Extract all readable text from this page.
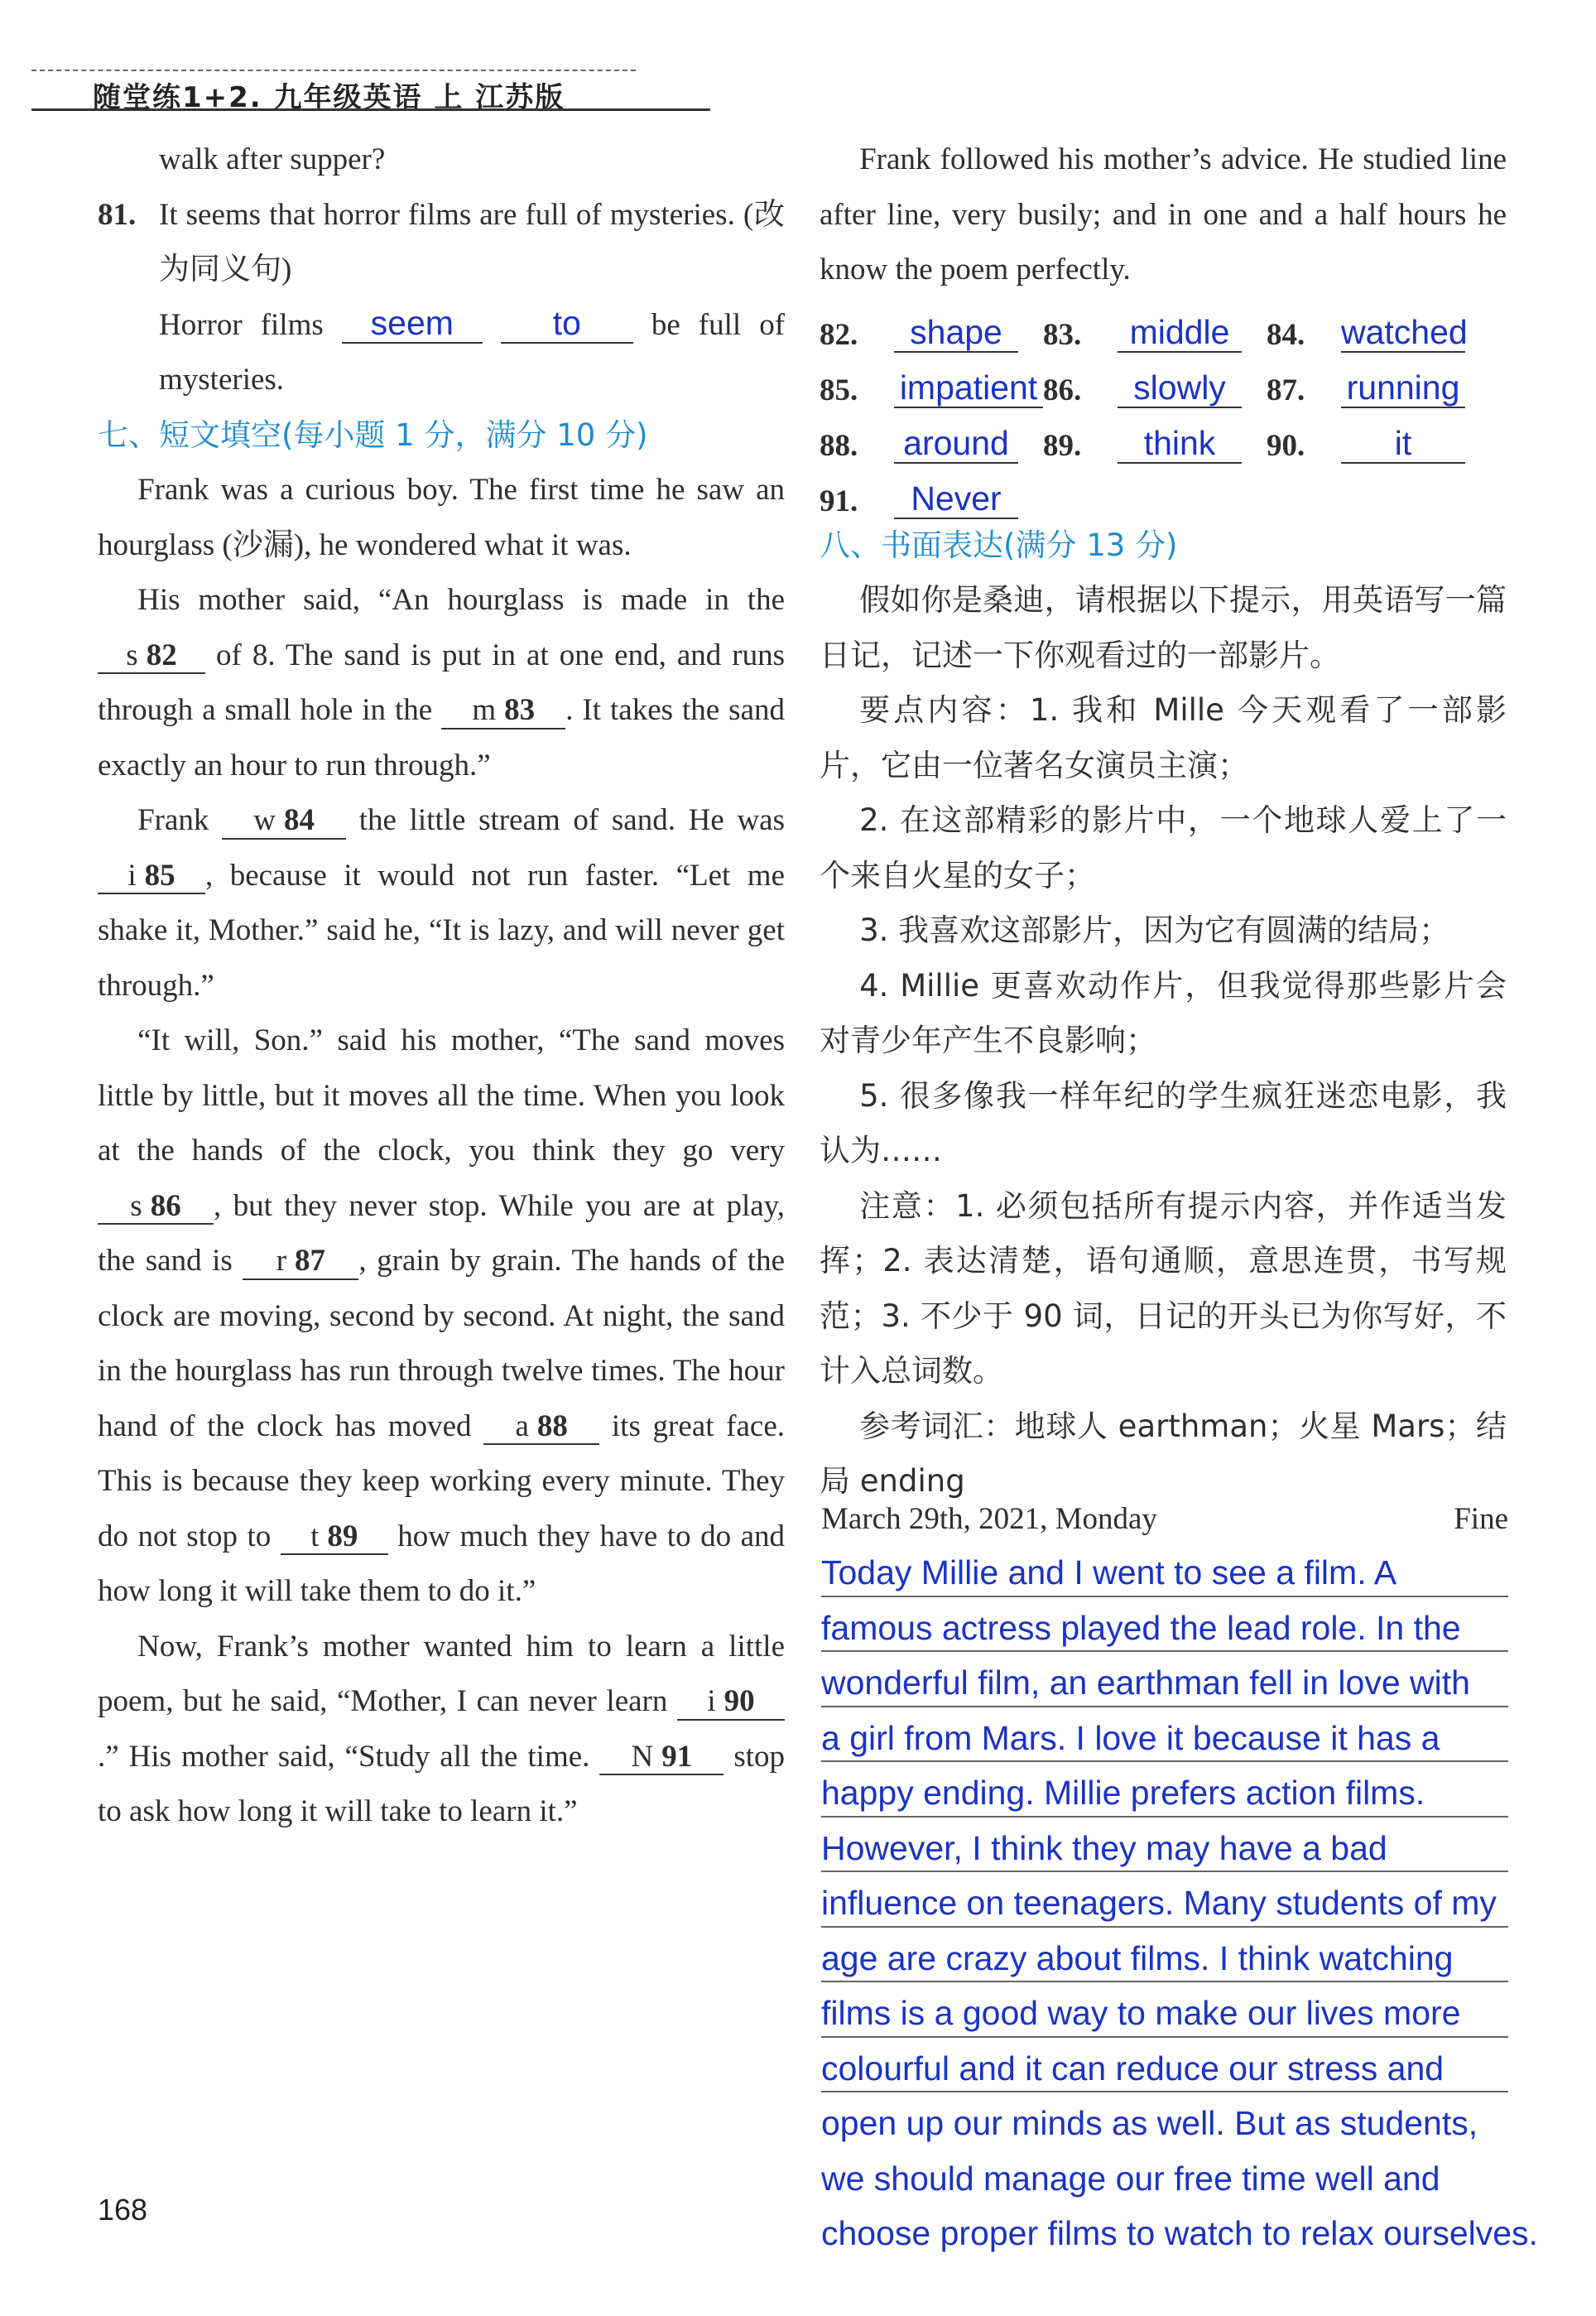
随堂练1+2. 九年级英语 上 江苏版

walk after supper?

81. It seems that horror films are full of mysteries. (改为同义句)
Horror films seem	to be full of mysteries.

七、短文填空(每小题 1 分，满分 10 分)

Frank was a curious boy. The first time he saw an hourglass (沙漏), he wondered what it was.

His mother said, “An hourglass is made in the s 82 of 8. The sand is put in at one end, and runs through a small hole in the m 83 . It takes the sand exactly an hour to run through.”

Frank w 84 the little stream of sand. He was i 85 , because it would not run faster. “Let me shake it, Mother.” said he, “It is lazy, and will never get through.”

“It will, Son.” said his mother, “The sand moves little by little, but it moves all the time. When you look at the hands of the clock, you think they go very s 86 , but they never stop. While you are at play, the sand is r 87 , grain by grain. The hands of the clock are moving, second by second. At night, the sand in the hourglass has run through twelve times. The hour hand of the clock has moved a 88 its great face. This is because they keep working every minute. They do not stop to t 89 how much they have to do and how long it will take them to do it.”

Now, Frank’s mother wanted him to learn a little poem, but he said, “Mother, I can never learn i 90.” His mother said, “Study all the time. N 91 stop to ask how long it will take to learn it.”

Frank followed his mother’s advice. He studied line after line, very busily; and in one and a half hours he know the poem perfectly.

82.	shape	83.	middle	84. watched
85. impatient 86.	slowly	87. running
88. around	89.	think	90.	it
91.	Never

八、书面表达(满分 13 分)

假如你是桑迪，请根据以下提示，用英语写一篇日记，记述一下你观看过的一部影片。

要点内容：1. 我和 Mille 今天观看了一部影片，它由一位著名女演员主演；

2. 在这部精彩的影片中，一个地球人爱上了一个来自火星的女子；

3. 我喜欢这部影片，因为它有圆满的结局；

4. Millie 更喜欢动作片，但我觉得那些影片会对青少年产生不良影响；

5. 很多像我一样年纪的学生疯狂迷恋电影，我认为……

注意：1. 必须包括所有提示内容，并作适当发挥；2. 表达清楚，语句通顺，意思连贯，书写规范；3. 不少于 90 词，日记的开头已为你写好，不计入总词数。

参考词汇：地球人 earthman；火星 Mars；结局 ending

March 29th, 2021, Monday	Fine

Today Millie and I went to see a film. A
famous actress played the lead role. In the
wonderful film, an earthman fell in love with
a girl from Mars. I love it because it has a
happy ending. Millie prefers action films.
However, I think they may have a bad
influence on teenagers. Many students of my
age are crazy about films. I think watching
films is a good way to make our lives more
colourful and it can reduce our stress and
open up our minds as well. But as students,
we should manage our free time well and
choose proper films to watch to relax ourselves.
168
